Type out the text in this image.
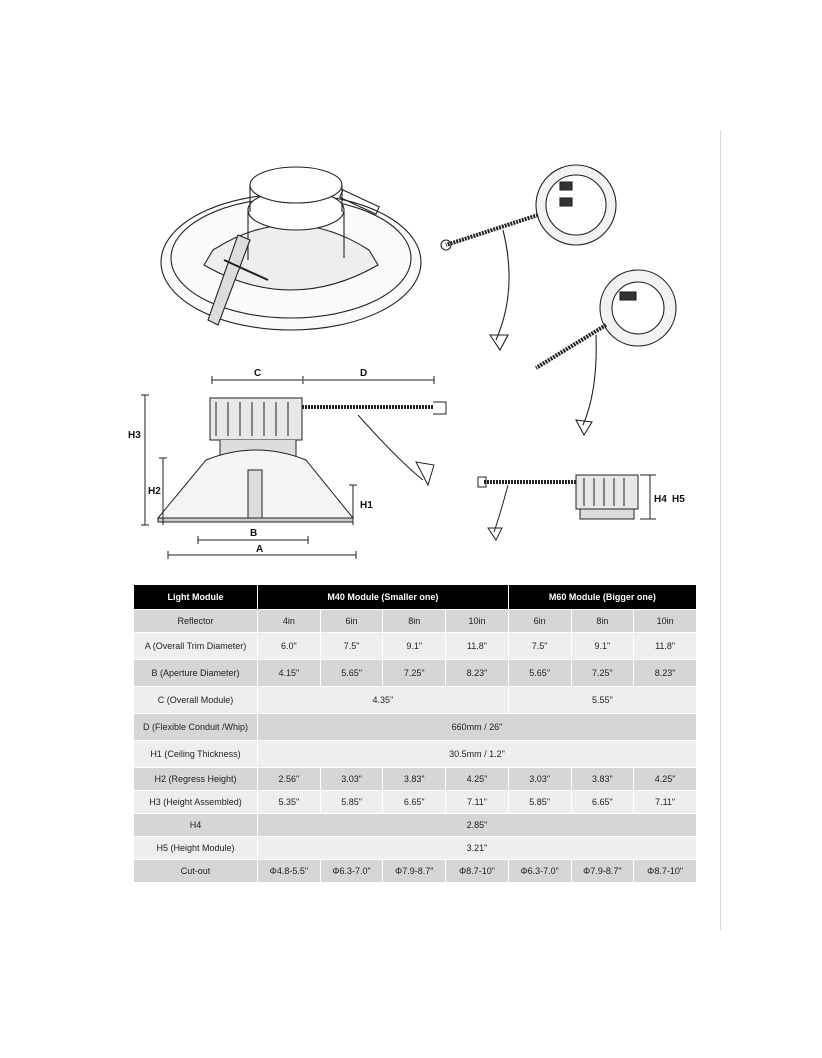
C	D
H3
H2
H1
B
A
H4 H5
Light Module	M40 Module (Smaller one)				M60 Module (Bigger one)		
Reflector	4in	6in	8in	10in	6in	8in	10in
A (Overall Trim Diameter)	6.0"	7.5"	9.1"	11.8"	7.5"	9.1"	11.8"
B (Aperture Diameter)	4.15"	5.65"	7.25"	8.23"	5.65"	7.25"	8.23"
C (Overall Module)	4.35"				5.55"		
D (Flexible Conduit /Whip)	660mm / 26"						
H1 (Ceiling Thickness)	30.5mm / 1.2"						
H2 (Regress Height)	2.56"	3.03"	3.83"	4.25"	3.03"	3.83"	4.25"
H3 (Height Assembled)	5.35"	5.85"	6.65"	7.11"	5.85"	6.65"	7.11"
H4	2.85"						
H5 (Height Module)	3.21"						
Cut-out	Φ4.8-5.5"	Φ6.3-7.0"	Φ7.9-8.7"	Φ8.7-10"	Φ6.3-7.0"	Φ7.9-8.7"	Φ8.7-10"
